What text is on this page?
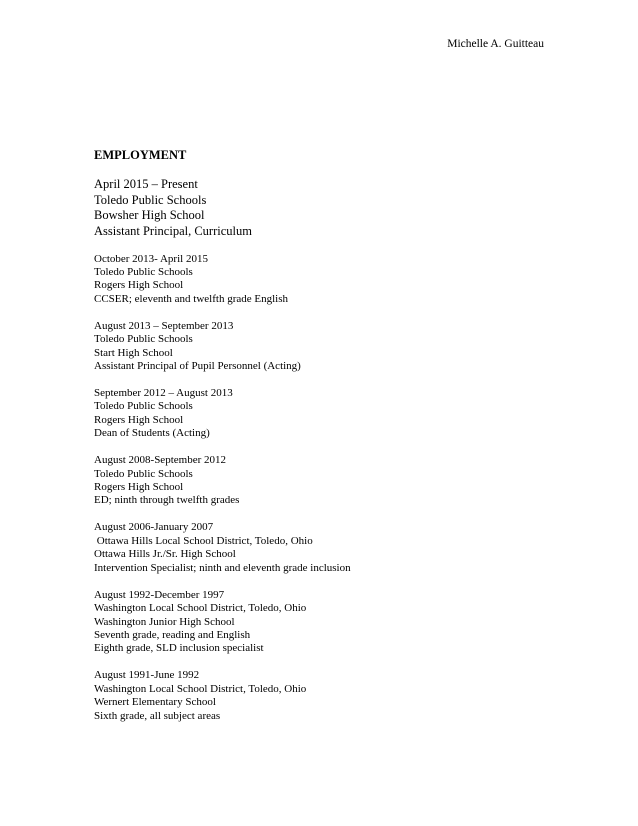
Michelle A. Guitteau
EMPLOYMENT
April 2015 – Present
Toledo Public Schools
Bowsher High School
Assistant Principal, Curriculum
October 2013- April 2015
Toledo Public Schools
Rogers High School
CCSER; eleventh and twelfth grade English
August 2013 – September 2013
Toledo Public Schools
Start High School
Assistant Principal of Pupil Personnel (Acting)
September 2012 – August 2013
Toledo Public Schools
Rogers High School
Dean of Students (Acting)
August 2008-September 2012
Toledo Public Schools
Rogers High School
ED; ninth through twelfth grades
August 2006-January 2007
Ottawa Hills Local School District, Toledo, Ohio
Ottawa Hills Jr./Sr. High School
Intervention Specialist; ninth and eleventh grade inclusion
August 1992-December 1997
Washington Local School District, Toledo, Ohio
Washington Junior High School
Seventh grade, reading and English
Eighth grade, SLD inclusion specialist
August 1991-June 1992
Washington Local School District, Toledo, Ohio
Wernert Elementary School
Sixth grade, all subject areas
